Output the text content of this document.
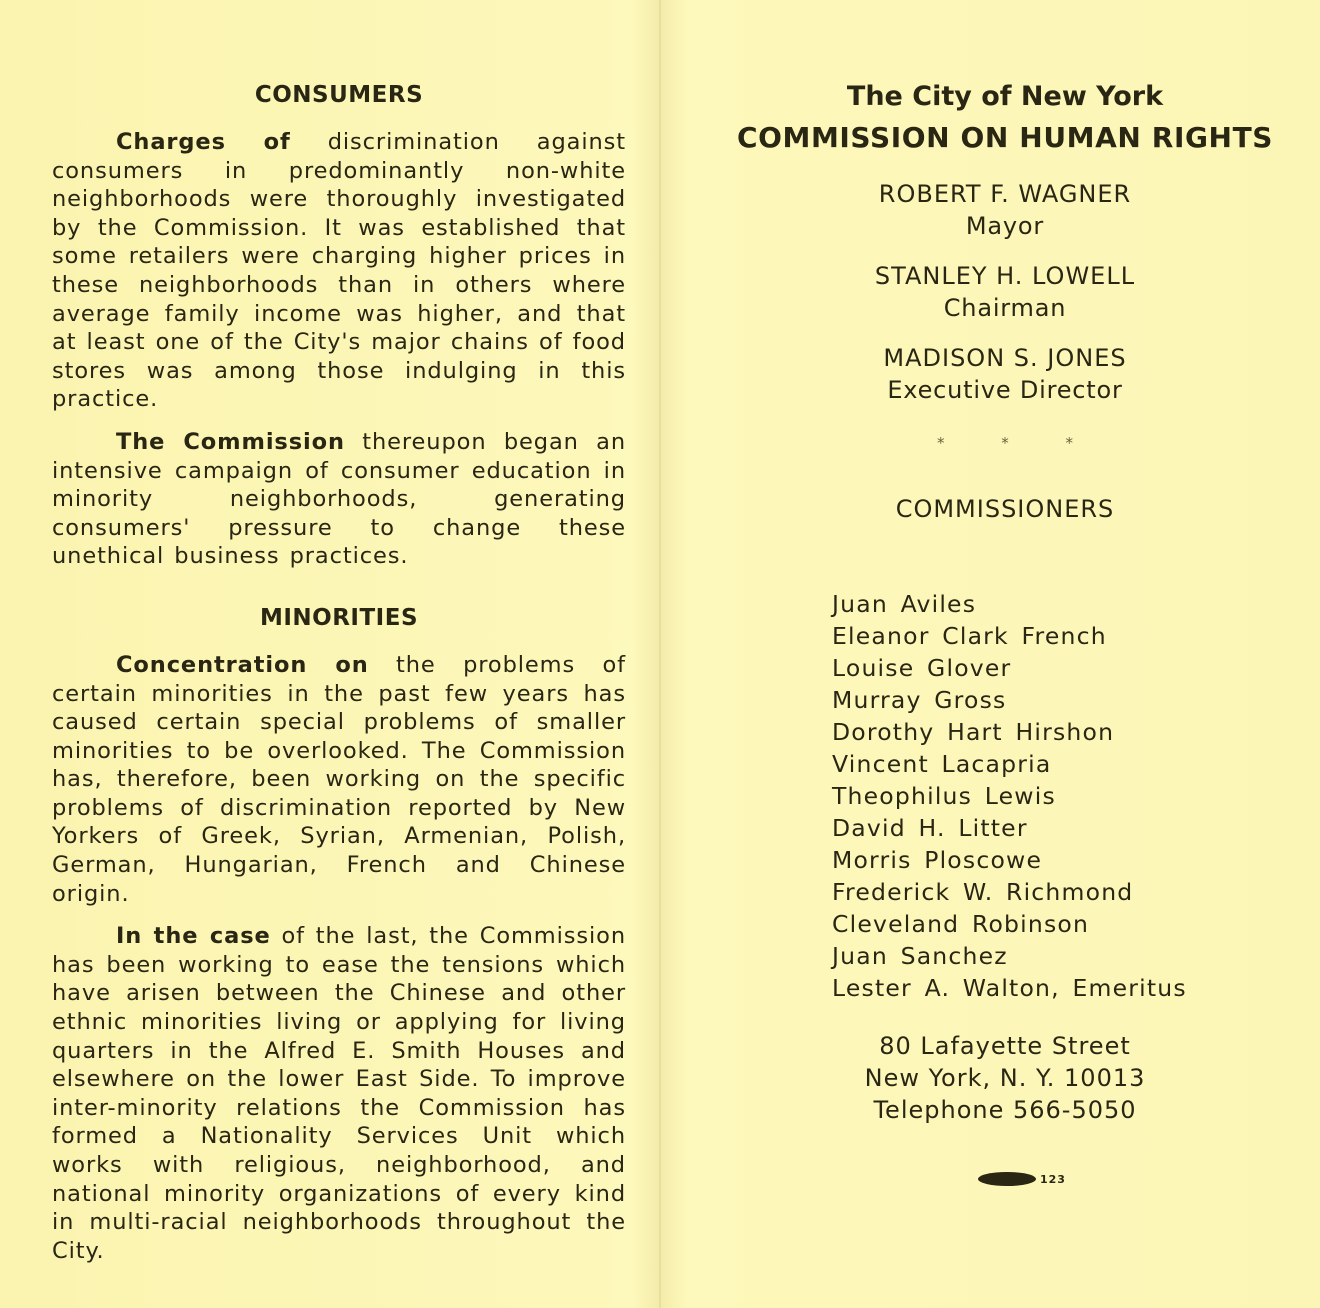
CONSUMERS

Charges of discrimination against consumers in predominantly non-white neighborhoods were thoroughly investigated by the Commission. It was established that some retailers were charging higher prices in these neighborhoods than in others where average family income was higher, and that at least one of the City's major chains of food stores was among those indulging in this practice.

The Commission thereupon began an intensive campaign of consumer education in minority neighborhoods, generating consumers' pressure to change these unethical business practices.

MINORITIES

Concentration on the problems of certain minorities in the past few years has caused certain special problems of smaller minorities to be overlooked. The Commission has, therefore, been working on the specific problems of discrimination reported by New Yorkers of Greek, Syrian, Armenian, Polish, German, Hungarian, French and Chinese origin.

In the case of the last, the Commission has been working to ease the tensions which have arisen between the Chinese and other ethnic minorities living or applying for living quarters in the Alfred E. Smith Houses and elsewhere on the lower East Side. To improve inter-minority relations the Commission has formed a Nationality Services Unit which works with religious, neighborhood, and national minority organizations of every kind in multi-racial neighborhoods throughout the City.

The City of New York
COMMISSION ON HUMAN RIGHTS
ROBERT F. WAGNER
Mayor
STANLEY H. LOWELL
Chairman
MADISON S. JONES
Executive Director
* * *
COMMISSIONERS
Juan Aviles
Eleanor Clark French
Louise Glover
Murray Gross
Dorothy Hart Hirshon
Vincent Lacapria
Theophilus Lewis
David H. Litter
Morris Ploscowe
Frederick W. Richmond
Cleveland Robinson
Juan Sanchez
Lester A. Walton, Emeritus
80 Lafayette Street
New York, N. Y. 10013
Telephone 566-5050
123
